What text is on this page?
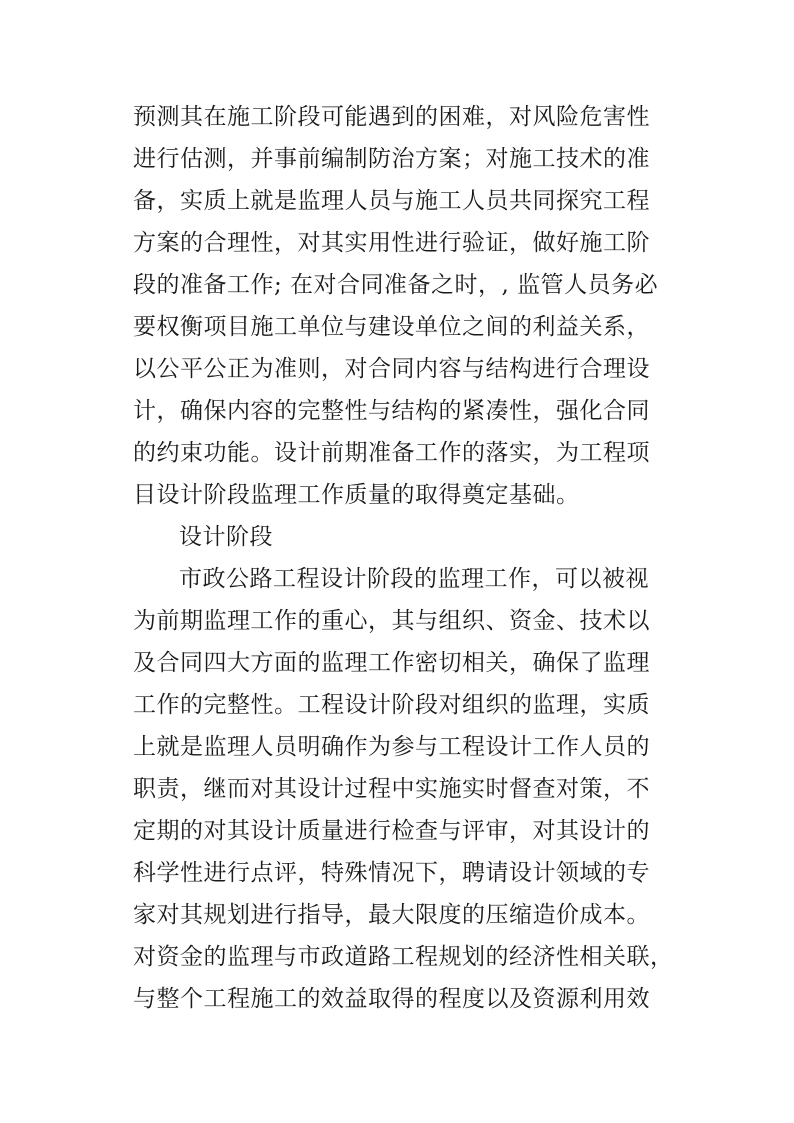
预测其在施工阶段可能遇到的困难，对风险危害性
进行估测，并事前编制防治方案；对施工技术的准
备，实质上就是监理人员与施工人员共同探究工程
方案的合理性，对其实用性进行验证，做好施工阶
段的准备工作; 在对合同准备之时，, 监管人员务必
要权衡项目施工单位与建设单位之间的利益关系，
以公平公正为准则，对合同内容与结构进行合理设
计，确保内容的完整性与结构的紧凑性，强化合同
的约束功能。设计前期准备工作的落实，为工程项
目设计阶段监理工作质量的取得奠定基础。
设计阶段
市政公路工程设计阶段的监理工作，可以被视
为前期监理工作的重心，其与组织、资金、技术以
及合同四大方面的监理工作密切相关，确保了监理
工作的完整性。工程设计阶段对组织的监理，实质
上就是监理人员明确作为参与工程设计工作人员的
职责，继而对其设计过程中实施实时督查对策，不
定期的对其设计质量进行检查与评审，对其设计的
科学性进行点评，特殊情况下，聘请设计领域的专
家对其规划进行指导，最大限度的压缩造价成本。
对资金的监理与市政道路工程规划的经济性相关联，
与整个工程施工的效益取得的程度以及资源利用效
